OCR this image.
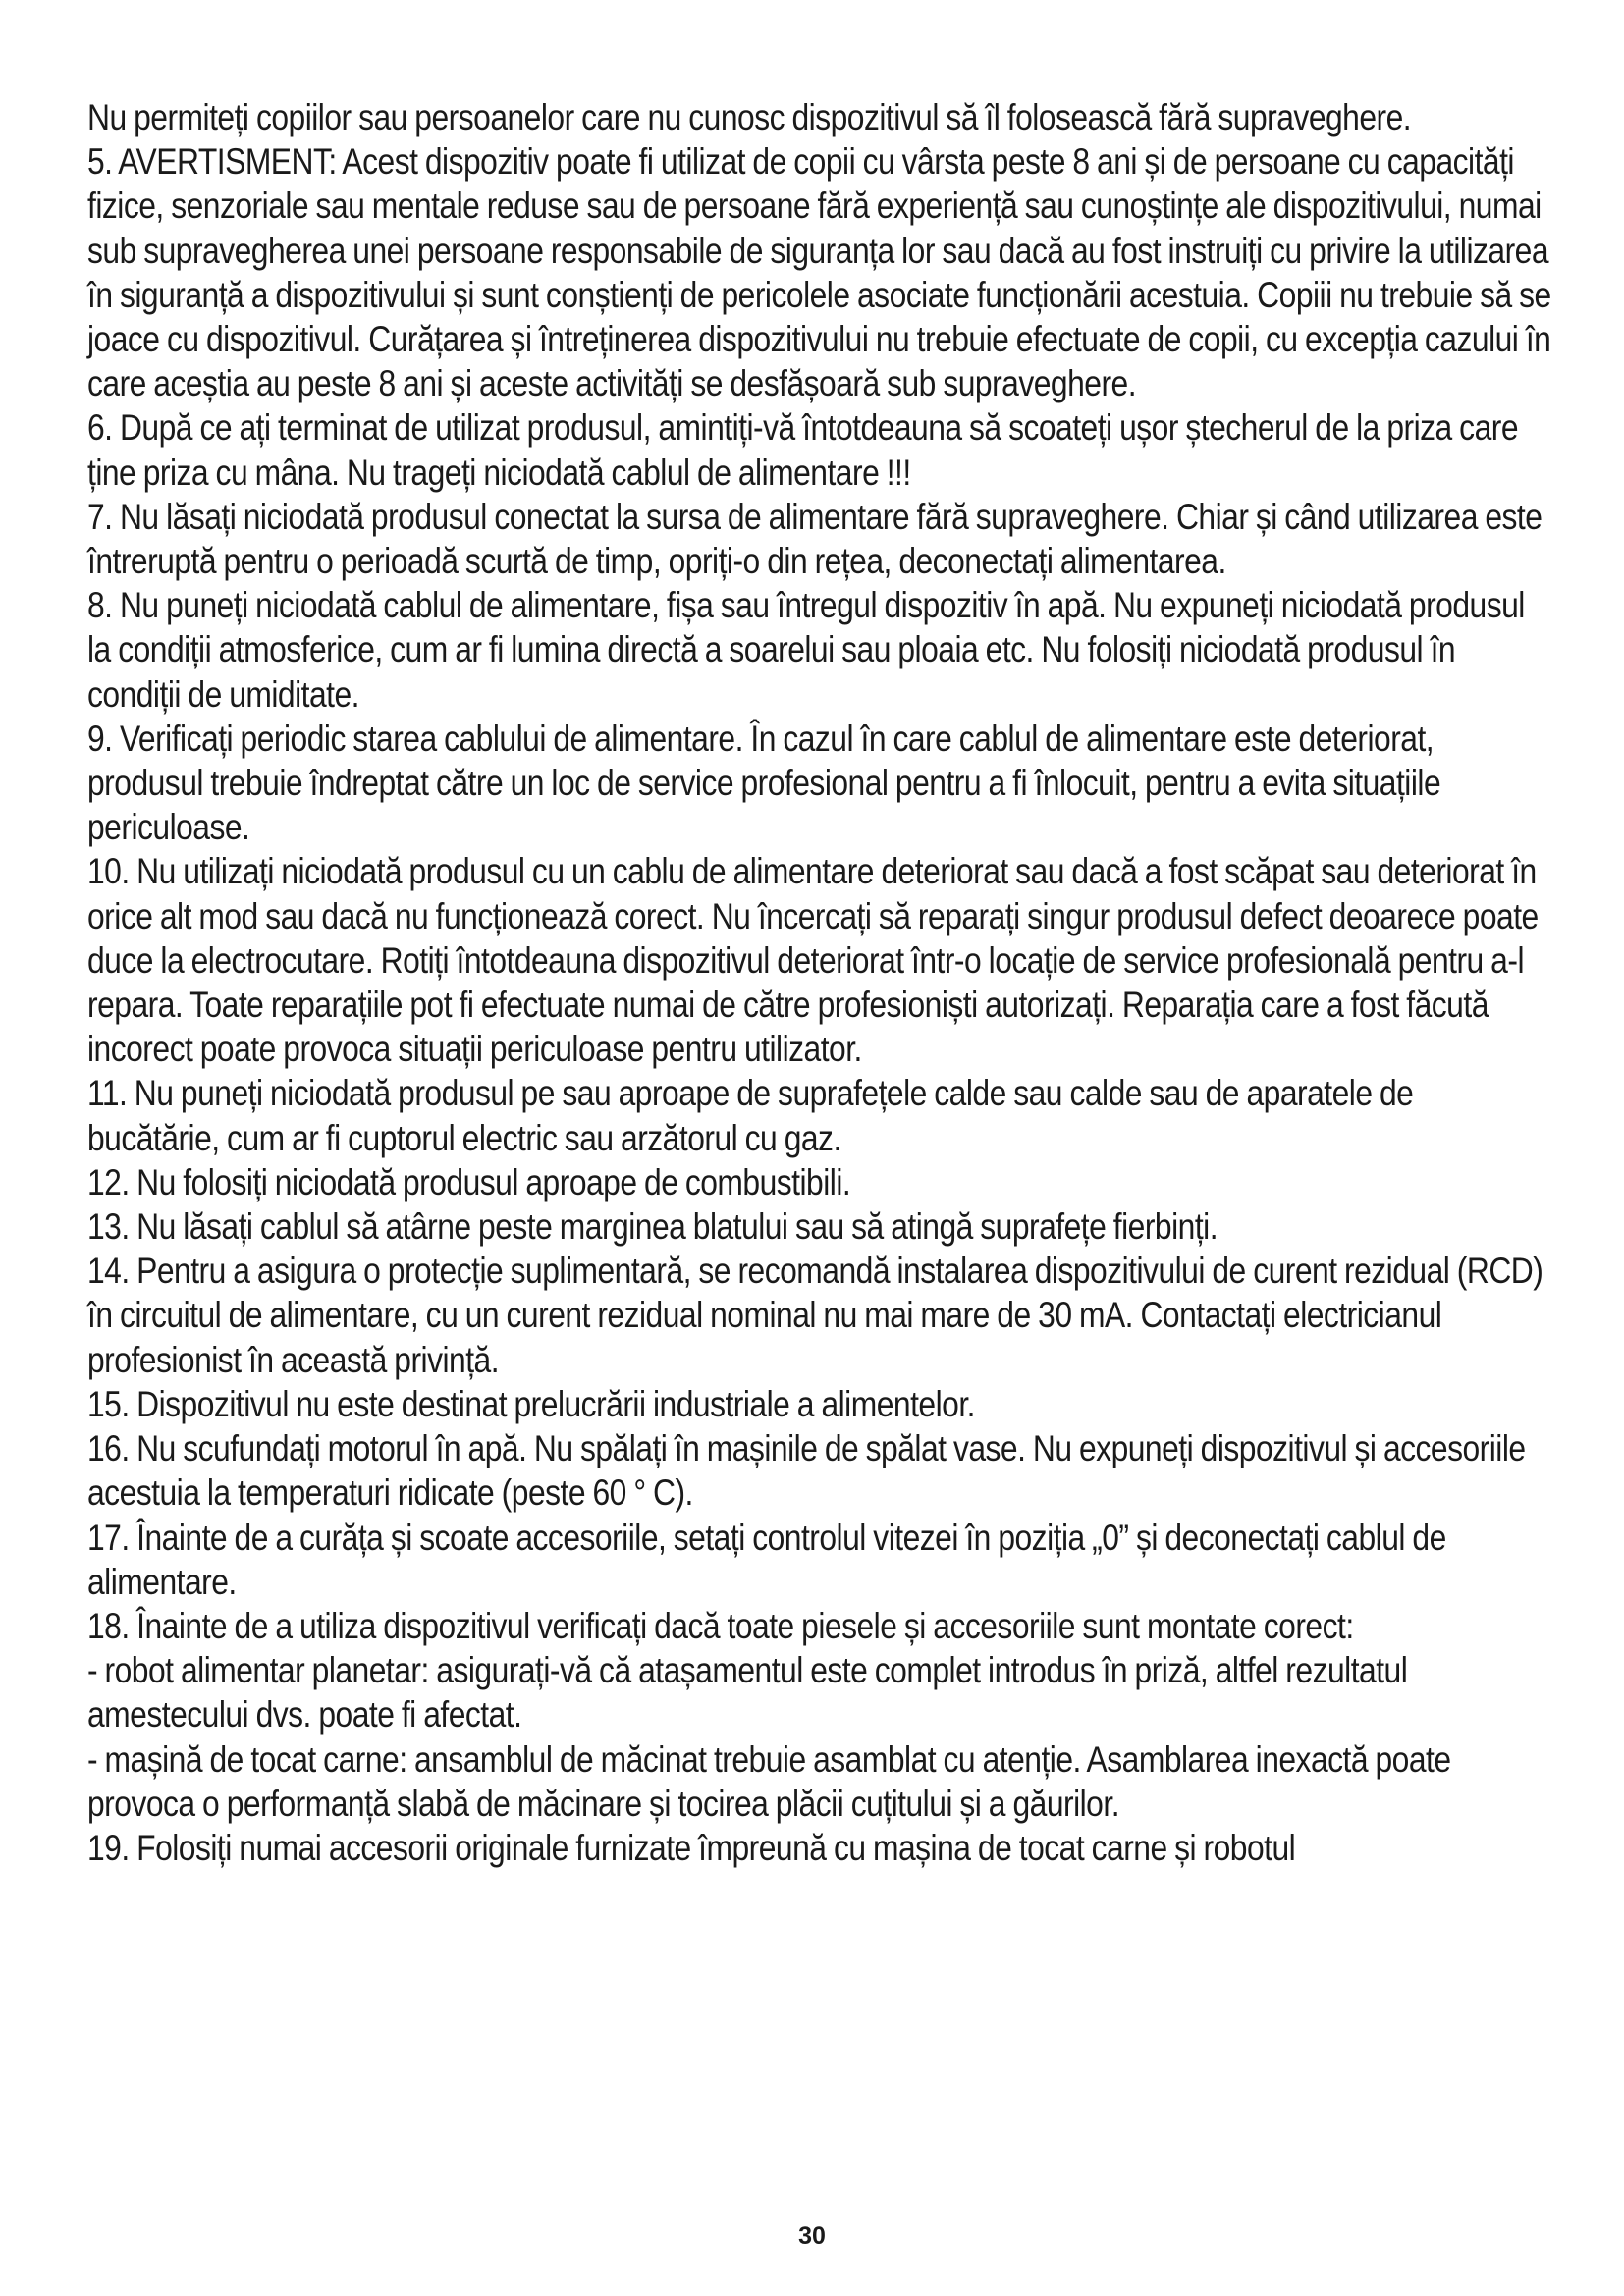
Nu permiteți copiilor sau persoanelor care nu cunosc dispozitivul să îl folosească fără supraveghere.

5. AVERTISMENT: Acest dispozitiv poate fi utilizat de copii cu vârsta peste 8 ani și de persoane cu capacități fizice, senzoriale sau mentale reduse sau de persoane fără experiență sau cunoștințe ale dispozitivului, numai sub supravegherea unei persoane responsabile de siguranța lor sau dacă au fost instruiți cu privire la utilizarea în siguranță a dispozitivului și sunt conștienți de pericolele asociate funcționării acestuia. Copiii nu trebuie să se joace cu dispozitivul. Curățarea și întreținerea dispozitivului nu trebuie efectuate de copii, cu excepția cazului în care aceștia au peste 8 ani și aceste activități se desfășoară sub supraveghere.

6. După ce ați terminat de utilizat produsul, amintiți-vă întotdeauna să scoateți ușor ștecherul de la priza care ține priza cu mâna. Nu trageți niciodată cablul de alimentare !!!

7. Nu lăsați niciodată produsul conectat la sursa de alimentare fără supraveghere. Chiar și când utilizarea este întreruptă pentru o perioadă scurtă de timp, opriți-o din rețea, deconectați alimentarea.

8. Nu puneți niciodată cablul de alimentare, fișa sau întregul dispozitiv în apă. Nu expuneți niciodată produsul la condiții atmosferice, cum ar fi lumina directă a soarelui sau ploaia etc. Nu folosiți niciodată produsul în condiții de umiditate.

9. Verificați periodic starea cablului de alimentare. În cazul în care cablul de alimentare este deteriorat, produsul trebuie îndreptat către un loc de service profesional pentru a fi înlocuit, pentru a evita situațiile periculoase.

10. Nu utilizați niciodată produsul cu un cablu de alimentare deteriorat sau dacă a fost scăpat sau deteriorat în orice alt mod sau dacă nu funcționează corect. Nu încercați să reparați singur produsul defect deoarece poate duce la electrocutare. Rotiți întotdeauna dispozitivul deteriorat într-o locație de service profesională pentru a-l repara. Toate reparațiile pot fi efectuate numai de către profesioniști autorizați. Reparația care a fost făcută incorect poate provoca situații periculoase pentru utilizator.

11. Nu puneți niciodată produsul pe sau aproape de suprafețele calde sau calde sau de aparatele de bucătărie, cum ar fi cuptorul electric sau arzătorul cu gaz.

12. Nu folosiți niciodată produsul aproape de combustibili.

13. Nu lăsați cablul să atârne peste marginea blatului sau să atingă suprafețe fierbinți.

14. Pentru a asigura o protecție suplimentară, se recomandă instalarea dispozitivului de curent rezidual (RCD) în circuitul de alimentare, cu un curent rezidual nominal nu mai mare de 30 mA. Contactați electricianul profesionist în această privință.

15. Dispozitivul nu este destinat prelucrării industriale a alimentelor.

16. Nu scufundați motorul în apă. Nu spălați în mașinile de spălat vase. Nu expuneți dispozitivul și accesoriile acestuia la temperaturi ridicate (peste 60 ° C).

17. Înainte de a curăța și scoate accesoriile, setați controlul vitezei în poziția „0” și deconectați cablul de alimentare.

18. Înainte de a utiliza dispozitivul verificați dacă toate piesele și accesoriile sunt montate corect:

- robot alimentar planetar: asigurați-vă că atașamentul este complet introdus în priză, altfel rezultatul amestecului dvs. poate fi afectat.

- mașină de tocat carne: ansamblul de măcinat trebuie asamblat cu atenție. Asamblarea inexactă poate provoca o performanță slabă de măcinare și tocirea plăcii cuțitului și a găurilor.

19. Folosiți numai accesorii originale furnizate împreună cu mașina de tocat carne și robotul

30
